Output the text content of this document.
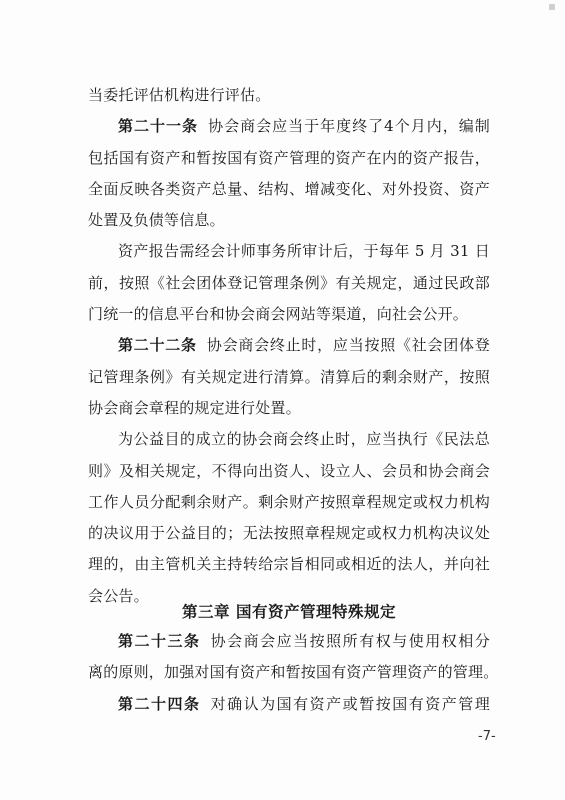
当委托评估机构进行评估。
第二十一条 协会商会应当于年度终了4个月内，编制
包括国有资产和暂按国有资产管理的资产在内的资产报告，
全面反映各类资产总量、结构、增减变化、对外投资、资产
处置及负债等信息。
资产报告需经会计师事务所审计后，于每年 5 月 31 日
前，按照《社会团体登记管理条例》有关规定，通过民政部
门统一的信息平台和协会商会网站等渠道，向社会公开。
第二十二条 协会商会终止时，应当按照《社会团体登
记管理条例》有关规定进行清算。清算后的剩余财产，按照
协会商会章程的规定进行处置。
为公益目的成立的协会商会终止时，应当执行《民法总
则》及相关规定，不得向出资人、设立人、会员和协会商会
工作人员分配剩余财产。剩余财产按照章程规定或权力机构
的决议用于公益目的；无法按照章程规定或权力机构决议处
理的，由主管机关主持转给宗旨相同或相近的法人，并向社
会公告。
第三章 国有资产管理特殊规定
第二十三条 协会商会应当按照所有权与使用权相分
离的原则，加强对国有资产和暂按国有资产管理资产的管理。
第二十四条 对确认为国有资产或暂按国有资产管理
-7-
